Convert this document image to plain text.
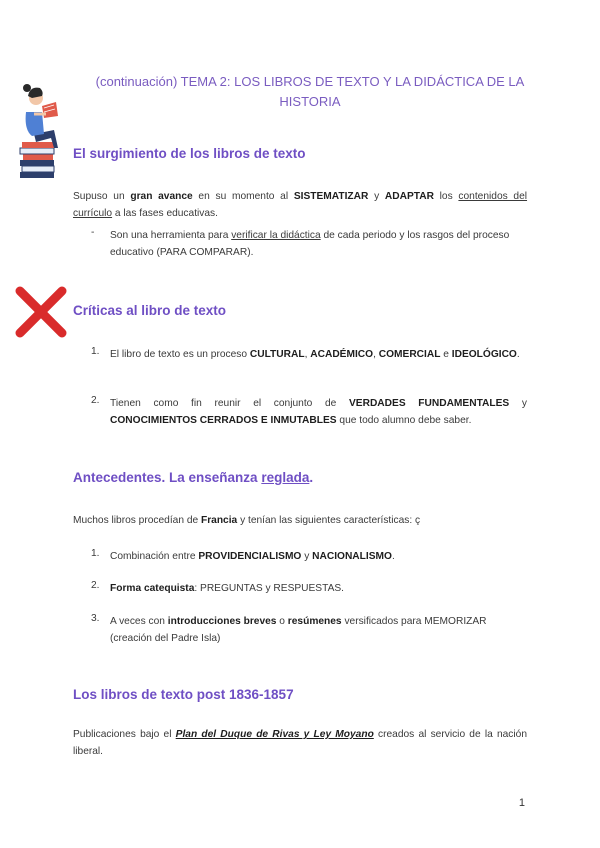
(continuación) TEMA 2: LOS LIBROS DE TEXTO Y LA DIDÁCTICA DE LA
HISTORIA
El surgimiento de los libros de texto
Supuso un gran avance en su momento al SISTEMATIZAR y ADAPTAR los contenidos del currículo a las fases educativas.
- Son una herramienta para verificar la didáctica de cada periodo y los rasgos del proceso educativo (PARA COMPARAR).
Críticas al libro de texto
1. El libro de texto es un proceso CULTURAL, ACADÉMICO, COMERCIAL e IDEOLÓGICO.
2. Tienen como fin reunir el conjunto de VERDADES FUNDAMENTALES y CONOCIMIENTOS CERRADOS E INMUTABLES que todo alumno debe saber.
Antecedentes. La enseñanza reglada.
Muchos libros procedían de Francia y tenían las siguientes características: ç
1. Combinación entre PROVIDENCIALISMO y NACIONALISMO.
2. Forma catequista: PREGUNTAS y RESPUESTAS.
3. A veces con introducciones breves o resúmenes versificados para MEMORIZAR (creación del Padre Isla)
Los libros de texto post 1836-1857
Publicaciones bajo el Plan del Duque de Rivas y Ley Moyano creados al servicio de la nación liberal.
1
